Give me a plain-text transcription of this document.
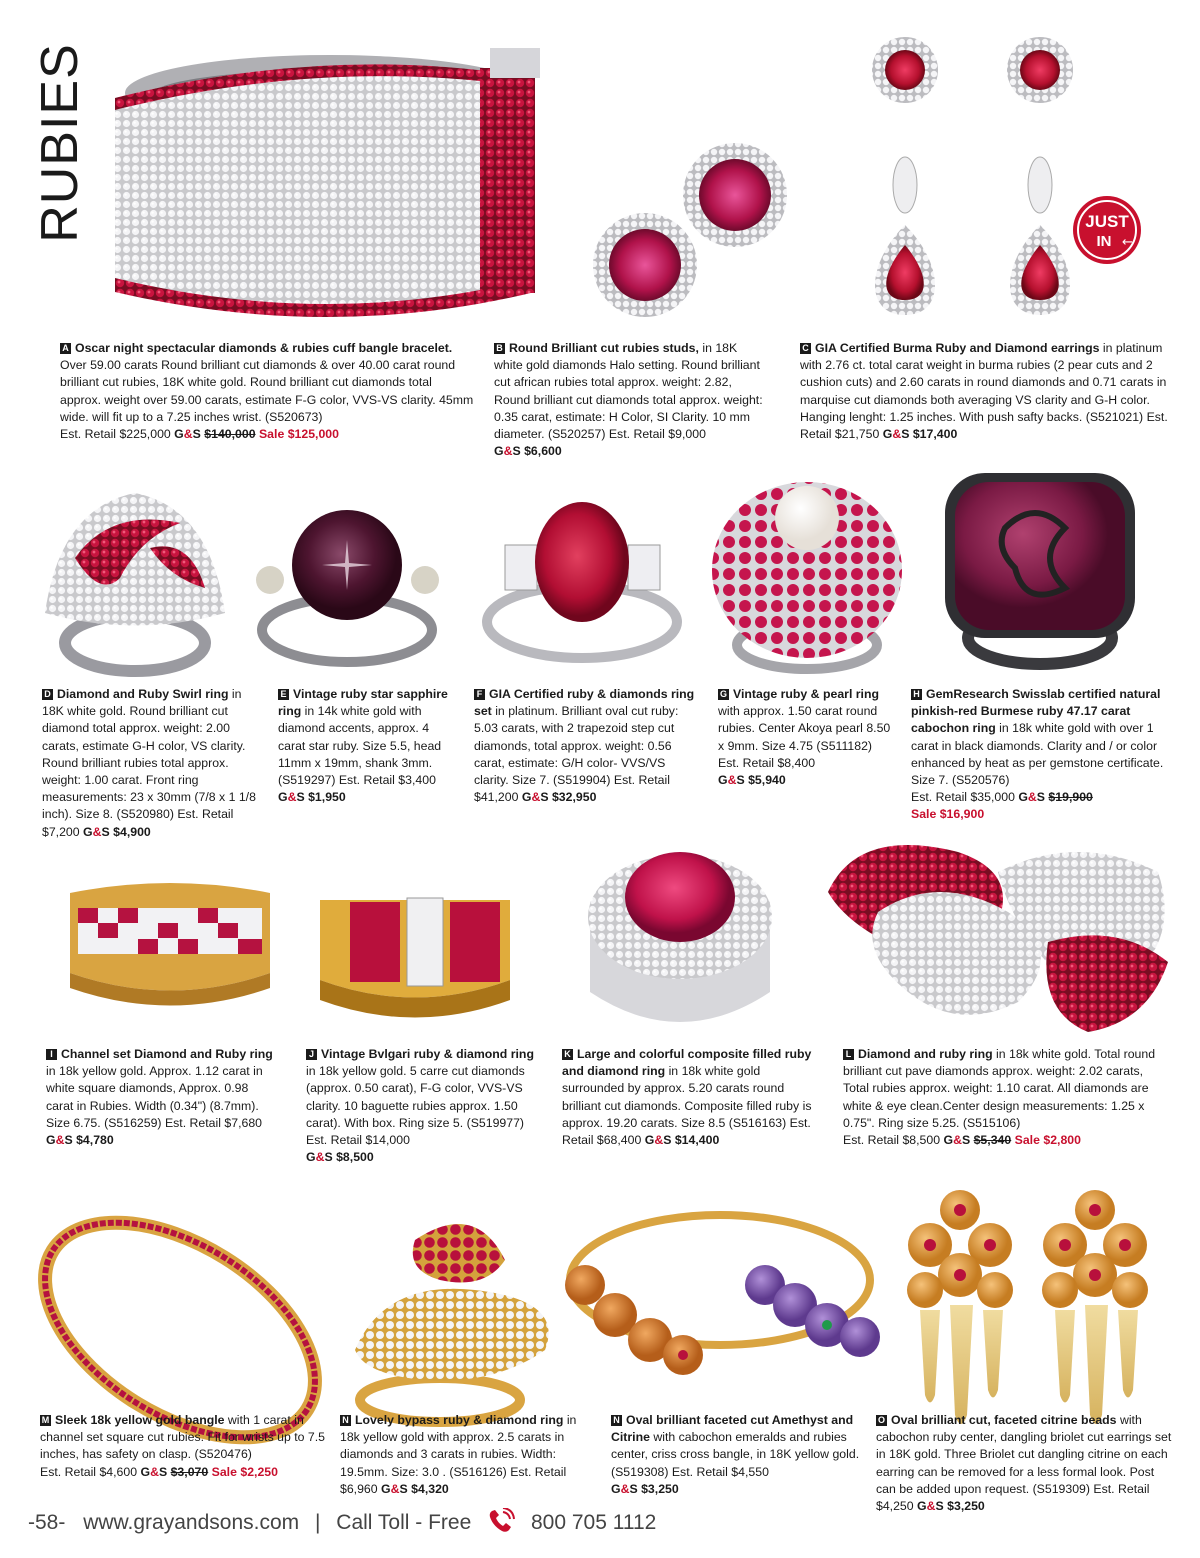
RUBIES	JUST
IN ←
A Oscar night spectacular diamonds & rubies cuff bangle bracelet. Over 59.00 carats Round brilliant cut diamonds & over 40.00 carat round brilliant cut rubies, 18K white gold. Round brilliant cut diamonds total approx. weight over 59.00 carats, estimate F-G color, VVS-VS clarity. 45mm wide. will fit up to a 7.25 inches wrist. (S520673)
Est. Retail $225,000 G&S $140,000 Sale $125,000
B Round Brilliant cut rubies studs, in 18K white gold diamonds Halo setting. Round brilliant cut african rubies total approx. weight: 2.82, Round brilliant cut diamonds total approx. weight: 0.35 carat, estimate: H Color, SI Clarity. 10 mm diameter. (S520257) Est. Retail $9,000
G&S $6,600
C GIA Certified Burma Ruby and Diamond earrings in platinum with 2.76 ct. total carat weight in burma rubies (2 pear cuts and 2 cushion cuts) and 2.60 carats in round diamonds and 0.71 carats in marquise cut diamonds both averaging VS clarity and G-H color. Hanging lenght: 1.25 inches. With push safty backs. (S521021) Est. Retail $21,750 G&S $17,400
D Diamond and Ruby Swirl ring in 18K white gold. Round brilliant cut diamond total approx. weight: 2.00 carats, estimate G-H color, VS clarity. Round brilliant rubies total approx. weight: 1.00 carat. Front ring measurements: 23 x 30mm (7/8 x 1 1/8 inch). Size 8. (S520980) Est. Retail $7,200 G&S $4,900
E Vintage ruby star sapphire ring in 14k white gold with diamond accents, approx. 4 carat star ruby. Size 5.5, head 11mm x 19mm, shank 3mm. (S519297) Est. Retail $3,400
G&S $1,950
F GIA Certified ruby & diamonds ring set in platinum. Brilliant oval cut ruby: 5.03 carats, with 2 trapezoid step cut diamonds, total approx. weight: 0.56 carat, estimate: G/H color- VVS/VS clarity. Size 7. (S519904) Est. Retail $41,200 G&S $32,950
G Vintage ruby & pearl ring with approx. 1.50 carat round rubies. Center Akoya pearl 8.50 x 9mm. Size 4.75 (S511182) Est. Retail $8,400
G&S $5,940
H GemResearch Swisslab certified natural pinkish-red Burmese ruby 47.17 carat cabochon ring in 18k white gold with over 1 carat in black diamonds. Clarity and / or color enhanced by heat as per gemstone certificate. Size 7. (S520576)
Est. Retail $35,000 G&S $19,900
Sale $16,900
I Channel set Diamond and Ruby ring in 18k yellow gold. Approx. 1.12 carat in white square diamonds, Approx. 0.98 carat in Rubies. Width (0.34") (8.7mm). Size 6.75. (S516259) Est. Retail $7,680 G&S $4,780
J Vintage Bvlgari ruby & diamond ring in 18k yellow gold. 5 carre cut diamonds (approx. 0.50 carat), F-G color, VVS-VS clarity. 10 baguette rubies approx. 1.50 carat). With box. Ring size 5. (S519977) Est. Retail $14,000
G&S $8,500
K Large and colorful composite filled ruby and diamond ring in 18k white gold surrounded by approx. 5.20 carats round brilliant cut diamonds. Composite filled ruby is approx. 19.20 carats. Size 8.5 (S516163) Est. Retail $68,400 G&S $14,400
L Diamond and ruby ring in 18k white gold. Total round brilliant cut pave diamonds approx. weight: 2.02 carats, Total rubies approx. weight: 1.10 carat. All diamonds are white & eye clean.Center design measurements: 1.25 x 0.75". Ring size 5.25. (S515106)
Est. Retail $8,500 G&S $5,340 Sale $2,800
M Sleek 18k yellow gold bangle with 1 carat in channel set square cut rubies. Fit for wrists up to 7.5 inches, has safety on clasp. (S520476)
Est. Retail $4,600 G&S $3,070 Sale $2,250
N Lovely bypass ruby & diamond ring in 18k yellow gold with approx. 2.5 carats in diamonds and 3 carats in rubies. Width: 19.5mm. Size: 3.0 . (S516126) Est. Retail $6,960 G&S $4,320
N Oval brilliant faceted cut Amethyst and Citrine with cabochon emeralds and rubies center, criss cross bangle, in 18K yellow gold. (S519308) Est. Retail $4,550
G&S $3,250
O Oval brilliant cut, faceted citrine beads with cabochon ruby center, dangling briolet cut earrings set in 18K gold. Three Briolet cut dangling citrine on each earring can be removed for a less formal look. Post can be added upon request. (S519309) Est. Retail $4,250 G&S $3,250
-58- www.grayandsons.com | Call Toll - Free	800 705 1112
